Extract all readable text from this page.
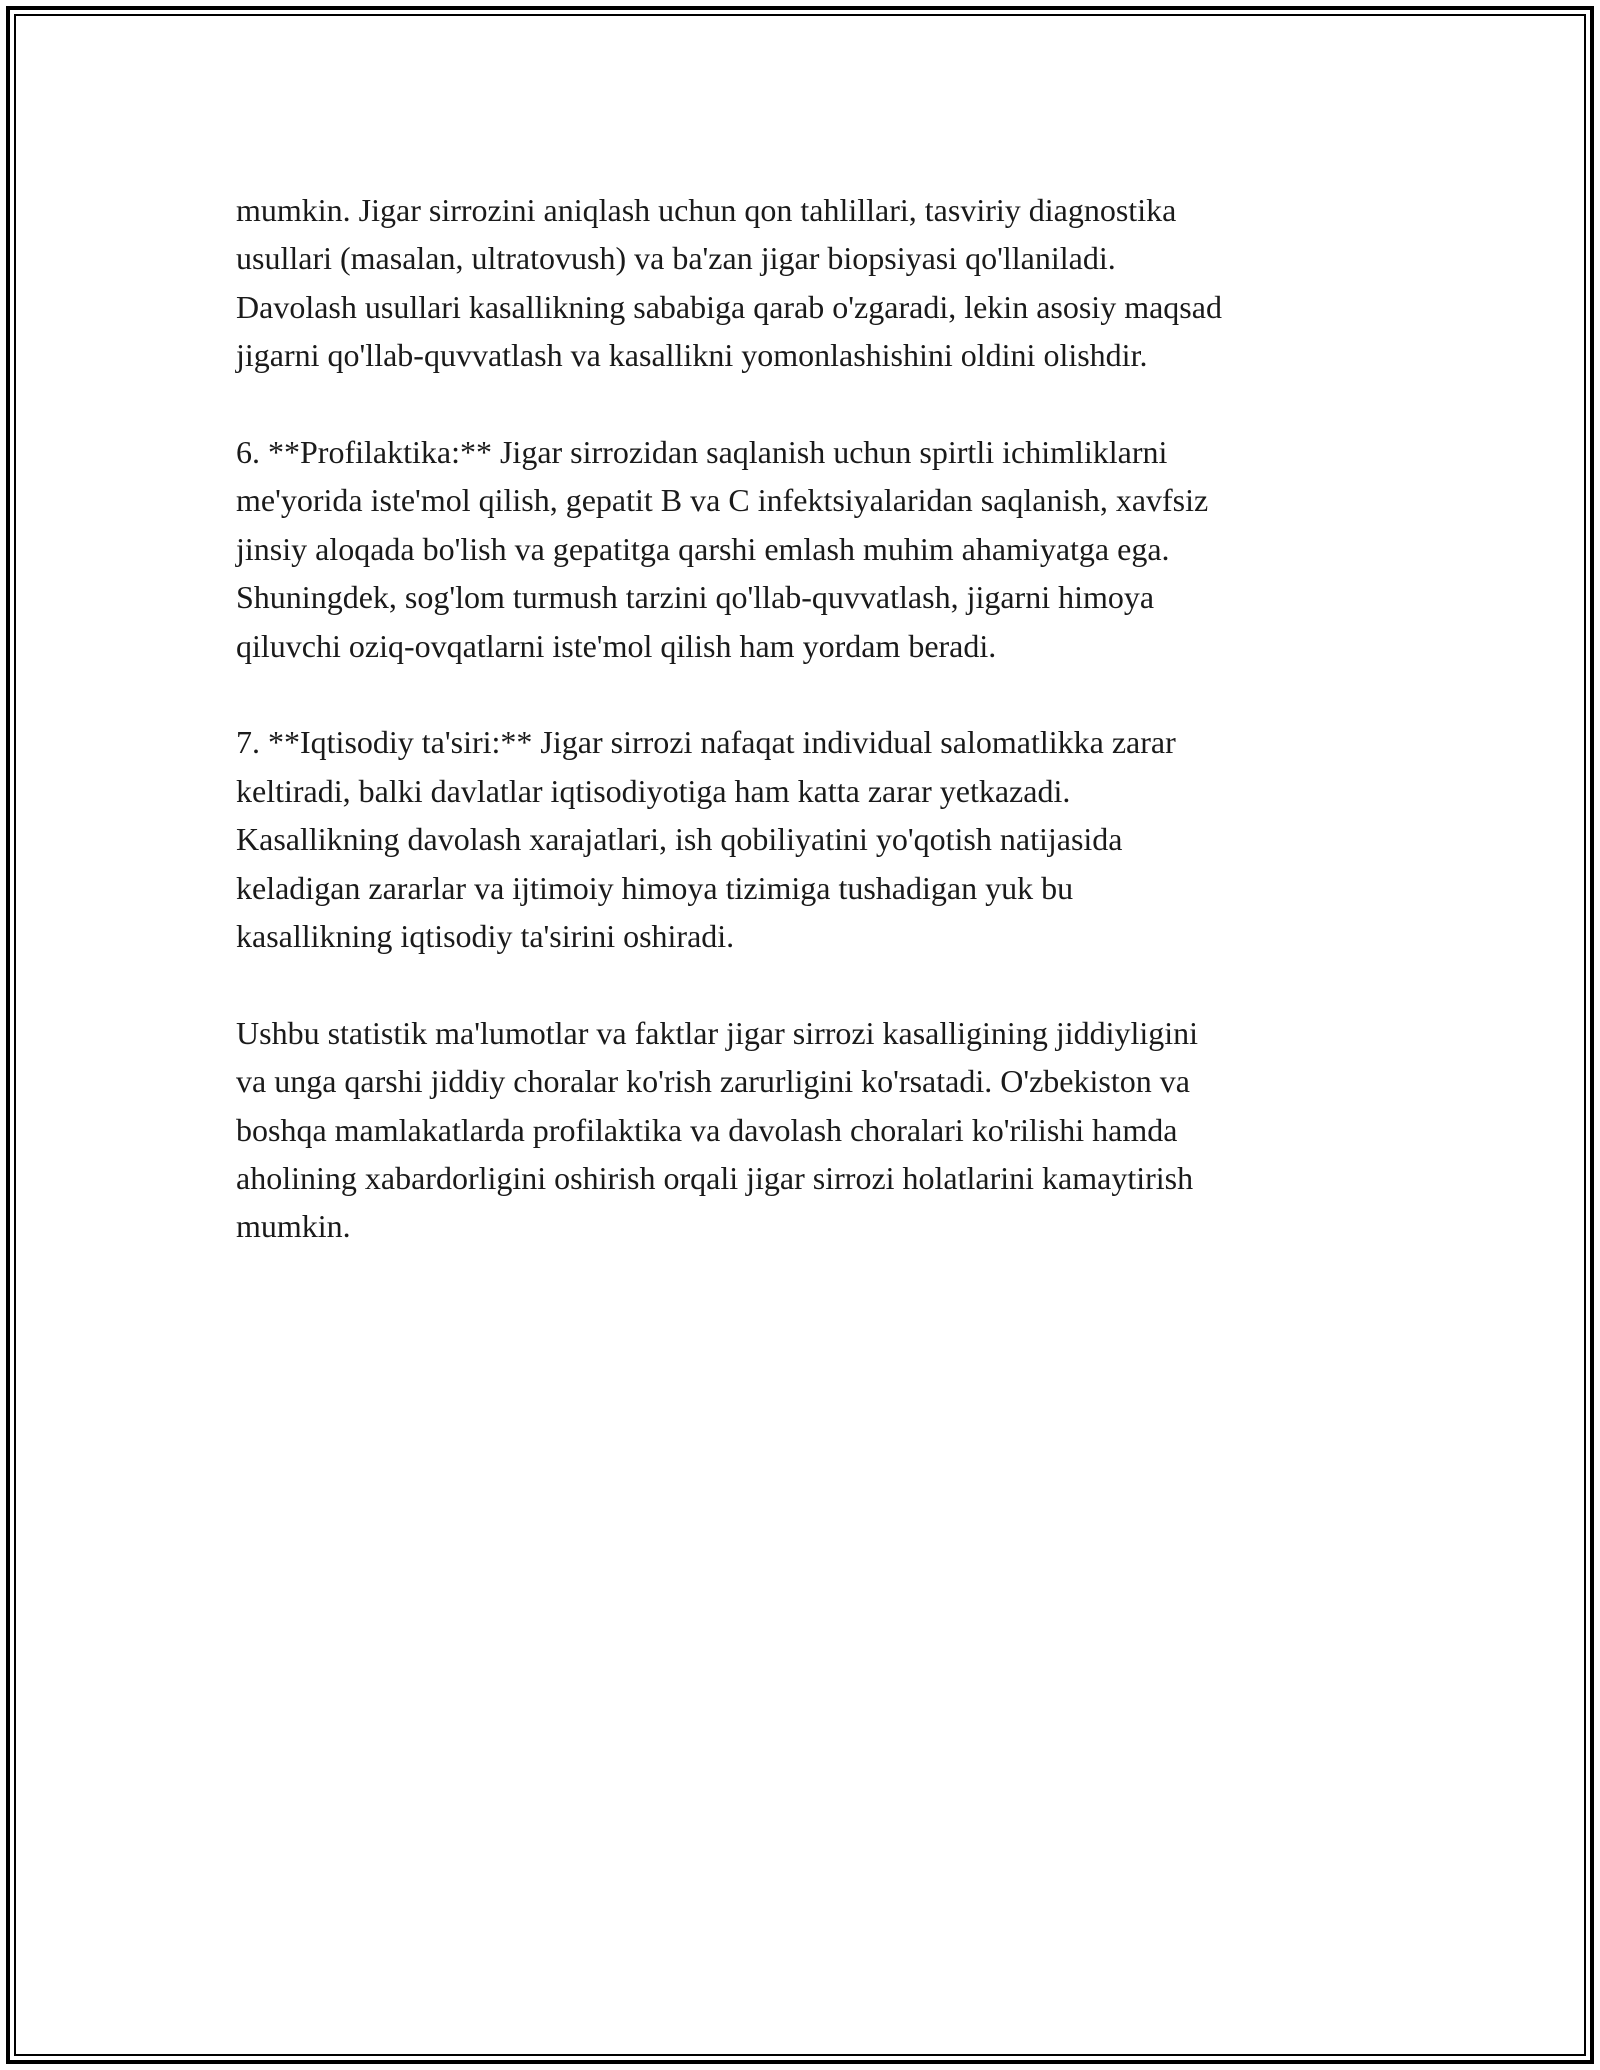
mumkin. Jigar sirrozini aniqlash uchun qon tahlillari, tasviriy diagnostika
usullari (masalan, ultratovush) va ba'zan jigar biopsiyasi qo'llaniladi.
Davolash usullari kasallikning sababiga qarab o'zgaradi, lekin asosiy maqsad
jigarni qo'llab-quvvatlash va kasallikni yomonlashishini oldini olishdir.

6. **Profilaktika:** Jigar sirrozidan saqlanish uchun spirtli ichimliklarni
me'yorida iste'mol qilish, gepatit B va C infektsiyalaridan saqlanish, xavfsiz
jinsiy aloqada bo'lish va gepatitga qarshi emlash muhim ahamiyatga ega.
Shuningdek, sog'lom turmush tarzini qo'llab-quvvatlash, jigarni himoya
qiluvchi oziq-ovqatlarni iste'mol qilish ham yordam beradi.

7. **Iqtisodiy ta'siri:** Jigar sirrozi nafaqat individual salomatlikka zarar
keltiradi, balki davlatlar iqtisodiyotiga ham katta zarar yetkazadi.
Kasallikning davolash xarajatlari, ish qobiliyatini yo'qotish natijasida
keladigan zararlar va ijtimoiy himoya tizimiga tushadigan yuk bu
kasallikning iqtisodiy ta'sirini oshiradi.

Ushbu statistik ma'lumotlar va faktlar jigar sirrozi kasalligining jiddiyligini
va unga qarshi jiddiy choralar ko'rish zarurligini ko'rsatadi. O'zbekiston va
boshqa mamlakatlarda profilaktika va davolash choralari ko'rilishi hamda
aholining xabardorligini oshirish orqali jigar sirrozi holatlarini kamaytirish
mumkin.
